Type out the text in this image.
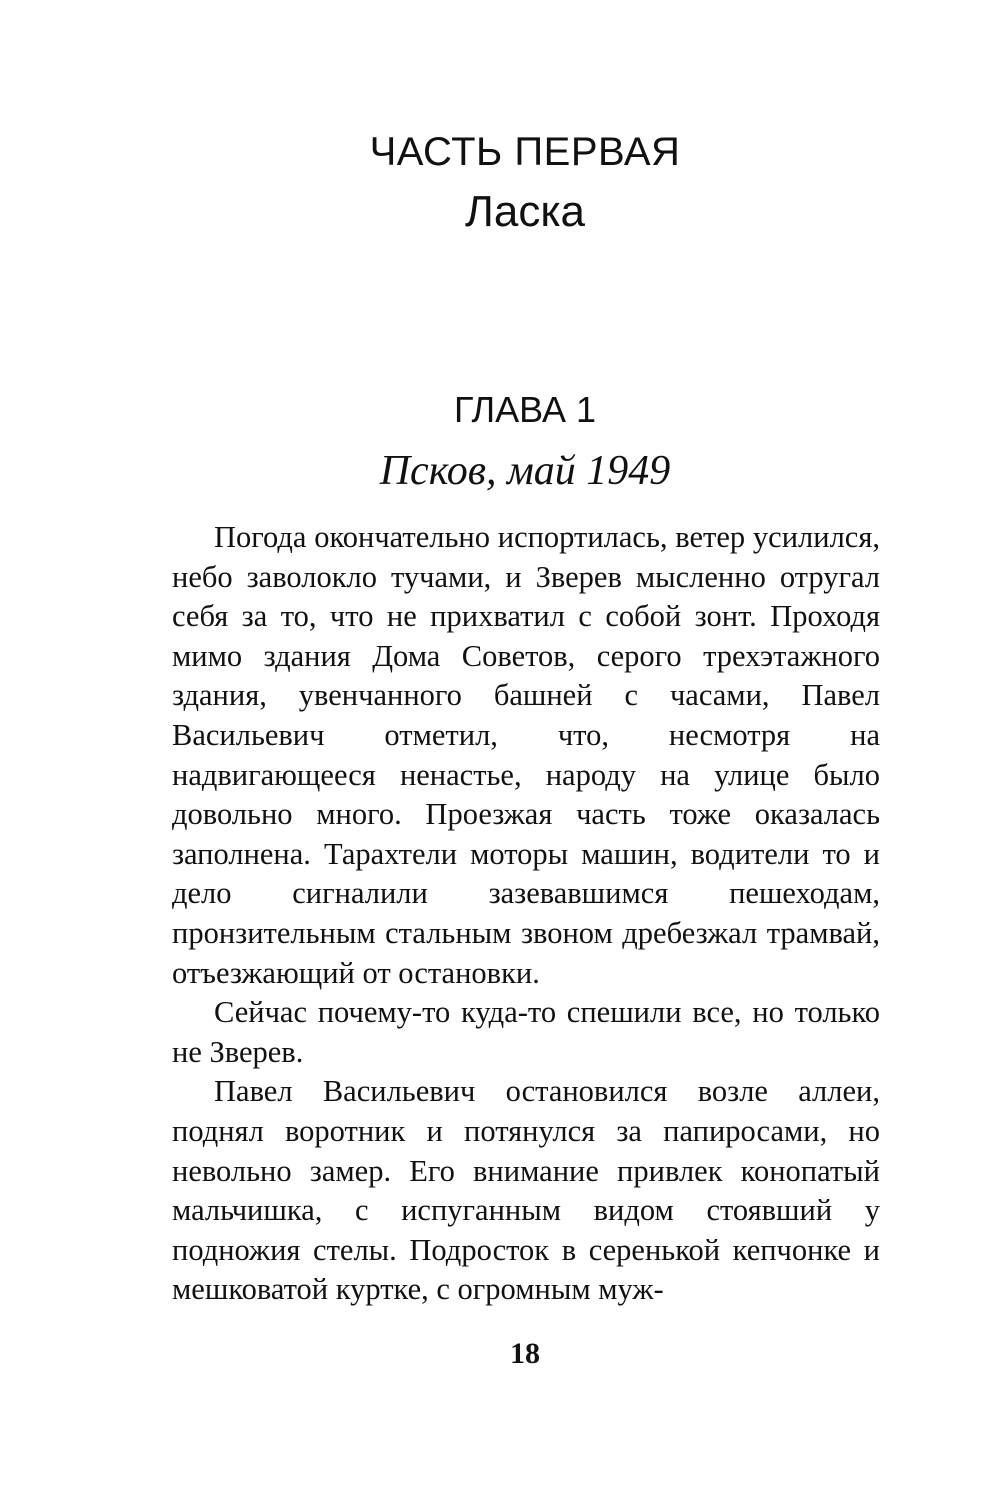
ЧАСТЬ ПЕРВАЯ
Ласка
ГЛАВА 1
Псков, май 1949

Погода окончательно испортилась, ветер усилился, небо заволокло тучами, и Зверев мысленно отругал себя за то, что не прихватил с собой зонт. Проходя мимо здания Дома Советов, серого трехэтажного здания, увенчанного башней с часами, Павел Васильевич отметил, что, несмотря на надвигающееся ненастье, народу на улице было довольно много. Проезжая часть тоже оказалась заполнена. Тарахтели моторы машин, водители то и дело сигналили зазевавшимся пешеходам, пронзительным стальным звоном дребезжал трамвай, отъезжающий от остановки.

Сейчас почему-то куда-то спешили все, но только не Зверев.

Павел Васильевич остановился возле аллеи, поднял воротник и потянулся за папиросами, но невольно замер. Его внимание привлек конопатый мальчишка, с испуганным видом стоявший у подножия стелы. Подросток в серенькой кепчонке и мешковатой куртке, с огромным муж-

18
